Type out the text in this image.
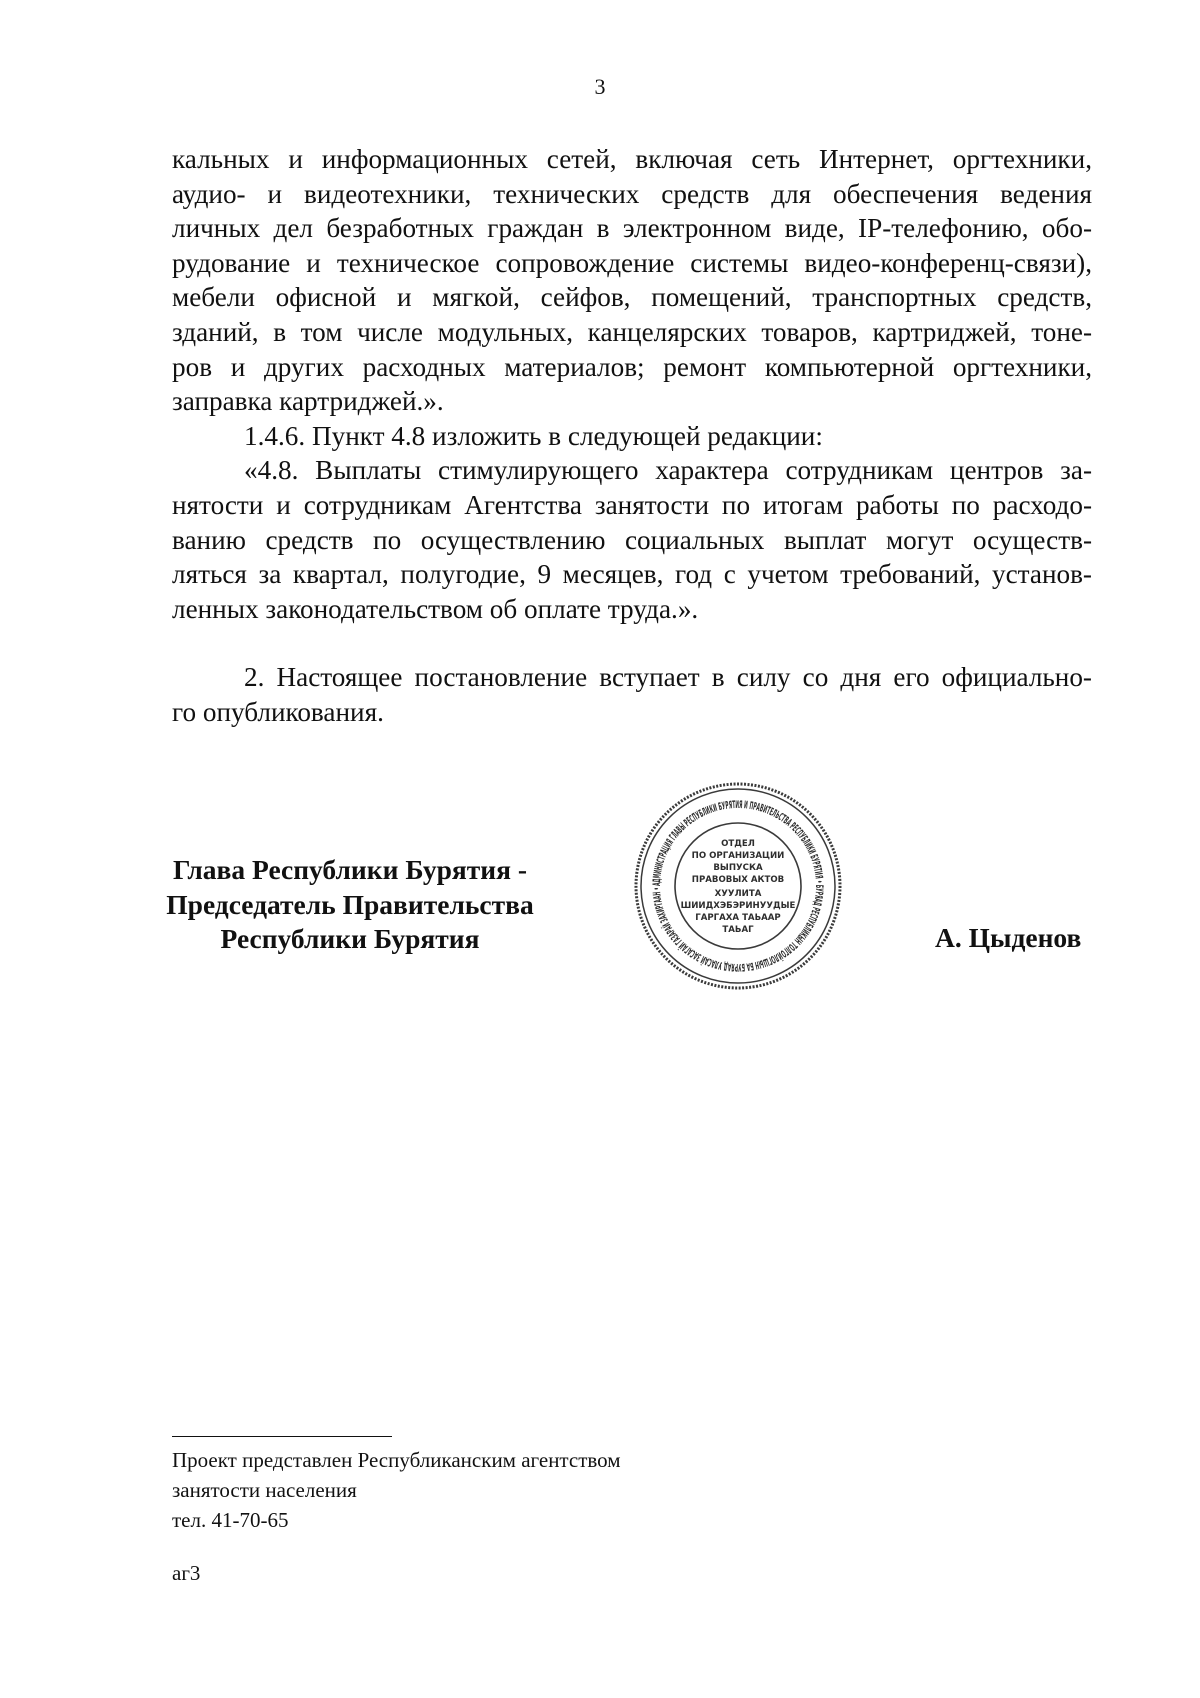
3
кальных и информационных сетей, включая сеть Интернет, оргтехники,
аудио- и видеотехники, технических средств для обеспечения ведения
личных дел безработных граждан в электронном виде, IP-телефонию, обо-
рудование и техническое сопровождение системы видео-конференц-связи),
мебели офисной и мягкой, сейфов, помещений, транспортных средств,
зданий, в том числе модульных, канцелярских товаров, картриджей, тоне-
ров и других расходных материалов; ремонт компьютерной оргтехники,
заправка картриджей.».
1.4.6. Пункт 4.8 изложить в следующей редакции:
«4.8. Выплаты стимулирующего характера сотрудникам центров за-
нятости и сотрудникам Агентства занятости по итогам работы по расходо-
ванию средств по осуществлению социальных выплат могут осуществ-
ляться за квартал, полугодие, 9 месяцев, год с учетом требований, установ-
ленных законодательством об оплате труда.».
2. Настоящее постановление вступает в силу со дня его официально-
го опубликования.
Глава Республики Бурятия -
Председатель Правительства
Республики Бурятия
АДМИНИСТРАЦИЯ ГЛАВЫ РЕСПУБЛИКИ БУРЯТИЯ И ПРАВИТЕЛЬСТВА РЕСПУБЛИКИ БУРЯТИЯ • БУРЯАД РЕСПУБЛИКЫН ТОЛГОЙЛОГШЫН БА БУРЯАД УЛАСАЙ ЗАСАГАЙ ГАЗАРАЙ ЗАХИРГААН •
ОТДЕЛ
ПО ОРГАНИЗАЦИИ
ВЫПУСКА
ПРАВОВЫХ АКТОВ
ХУУЛИТА
ШИИДХЭБЭРИНУУДЫЕ
ГАРГАХА ТАЬААР
ТАЬАГ	А. Цыденов
Проект представлен Республиканским агентством
занятости населения
тел. 41-70-65
аг3
